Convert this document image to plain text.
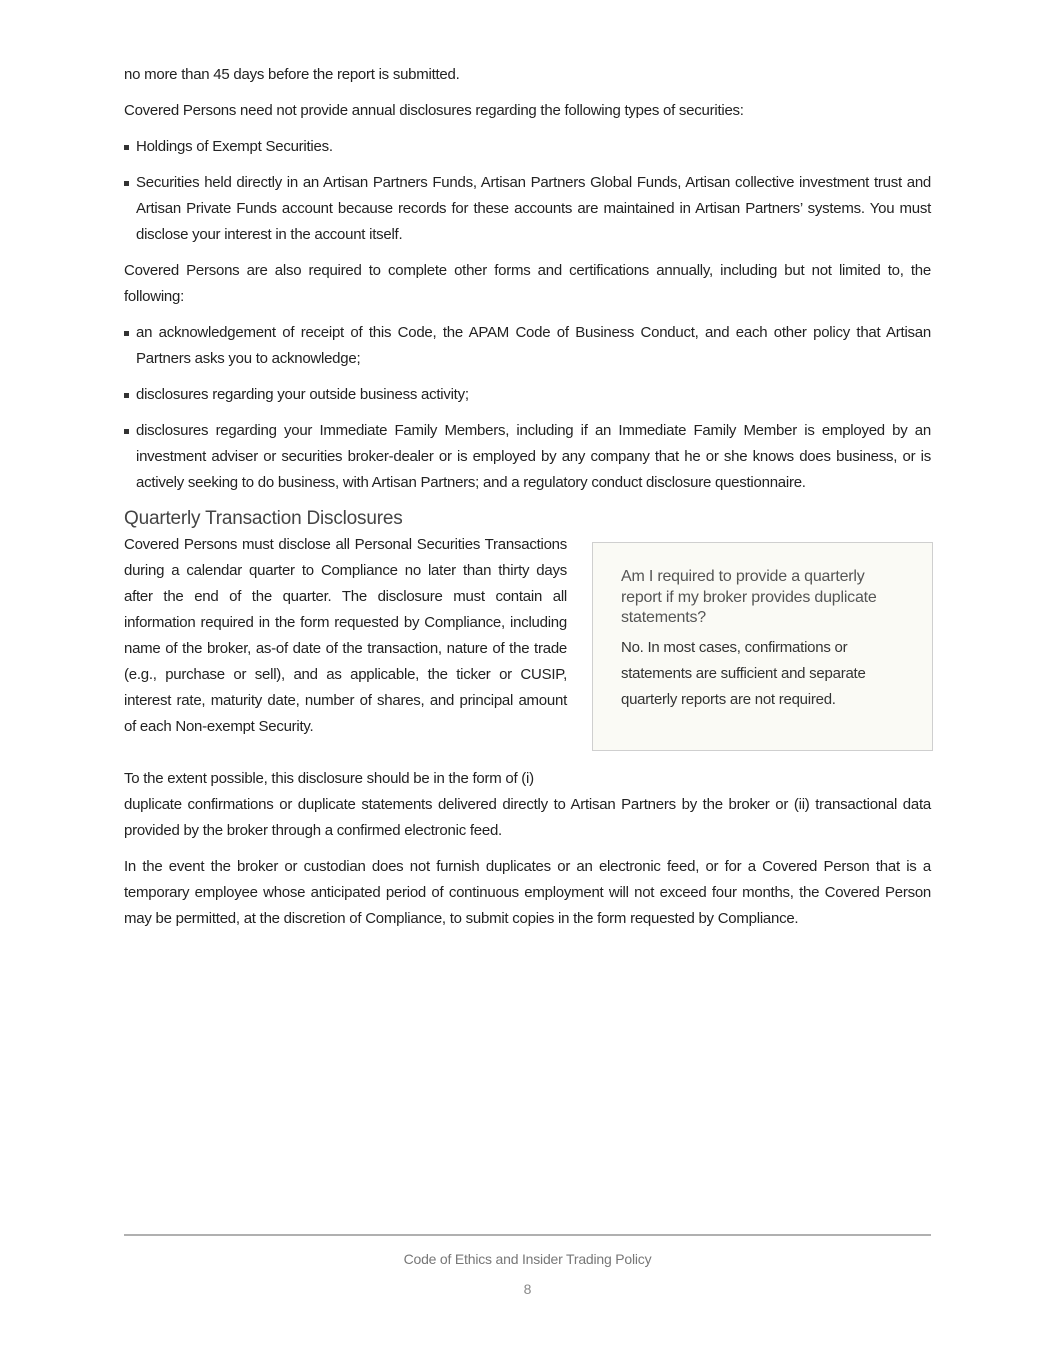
no more than 45 days before the report is submitted.

Covered Persons need not provide annual disclosures regarding the following types of securities:

Holdings of Exempt Securities.
Securities held directly in an Artisan Partners Funds, Artisan Partners Global Funds, Artisan collective investment trust and Artisan Private Funds account because records for these accounts are maintained in Artisan Partners’ systems. You must disclose your interest in the account itself.

Covered Persons are also required to complete other forms and certifications annually, including but not limited to, the following:

an acknowledgement of receipt of this Code, the APAM Code of Business Conduct, and each other policy that Artisan Partners asks you to acknowledge;
disclosures regarding your outside business activity;
disclosures regarding your Immediate Family Members, including if an Immediate Family Member is employed by an investment adviser or securities broker-dealer or is employed by any company that he or she knows does business, or is actively seeking to do business, with Artisan Partners; and a regulatory conduct disclosure questionnaire.
Quarterly Transaction Disclosures

Covered Persons must disclose all Personal Securities Transactions during a calendar quarter to Compliance no later than thirty days after the end of the quarter. The disclosure must contain all information required in the form requested by Compliance, including name of the broker, as-of date of the transaction, nature of the trade (e.g., purchase or sell), and as applicable, the ticker or CUSIP, interest rate, maturity date, number of shares, and principal amount of each Non-exempt Security.

Am I required to provide a quarterly report if my broker provides duplicate statements?
No. In most cases, confirmations or statements are sufficient and separate quarterly reports are not required.

To the extent possible, this disclosure should be in the form of (i)

duplicate confirmations or duplicate statements delivered directly to Artisan Partners by the broker or (ii) transactional data provided by the broker through a confirmed electronic feed.

In the event the broker or custodian does not furnish duplicates or an electronic feed, or for a Covered Person that is a temporary employee whose anticipated period of continuous employment will not exceed four months, the Covered Person may be permitted, at the discretion of Compliance, to submit copies in the form requested by Compliance.

Code of Ethics and Insider Trading Policy
8
